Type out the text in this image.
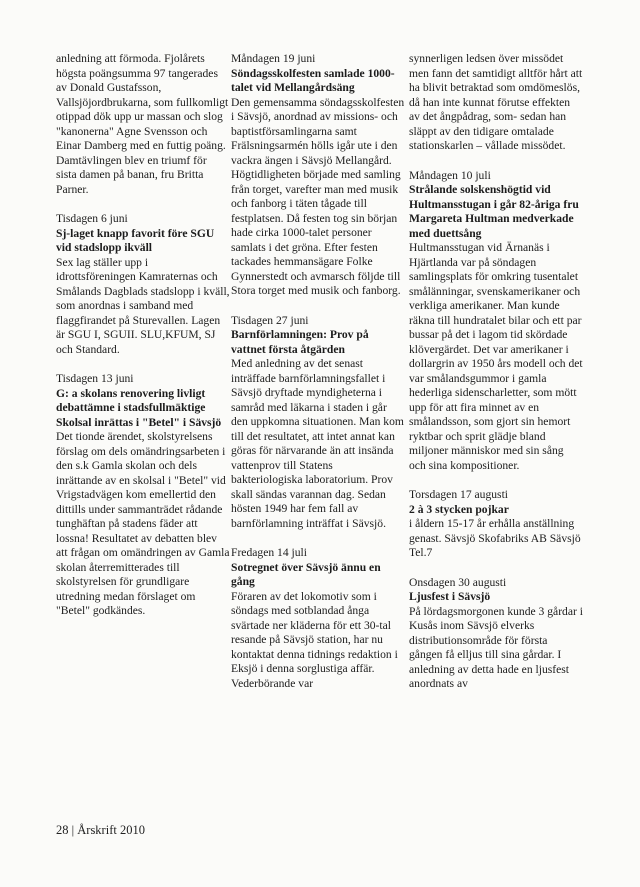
anledning att förmoda. Fjolårets högsta poängsumma 97 tangerades av Donald Gustafsson, Vallsjöjordbrukarna, som fullkomligt otippad dök upp ur massan och slog "kanonerna" Agne Svensson och Einar Damberg med en futtig poäng. Damtävlingen blev en triumf för sista damen på banan, fru Britta Parner.

Tisdagen 6 juni

Sj-laget knapp favorit före SGU vid stadslopp ikväll

Sex lag ställer upp i idrottsföreningen Kamraternas och Smålands Dagblads stadslopp i kväll, som anordnas i samband med flaggfirandet på Sturevallen. Lagen är SGU I, SGUII. SLU,KFUM, SJ och Standard.

Tisdagen 13 juni

G: a skolans renovering livligt debattämne i stadsfullmäktige Skolsal inrättas i "Betel" i Sävsjö

Det tionde ärendet, skolstyrelsens förslag om dels omändringsarbeten i den s.k Gamla skolan och dels inrättande av en skolsal i "Betel" vid Vrigstadvägen kom emellertid den dittills under sammanträdet rådande tunghäftan på stadens fäder att lossna! Resultatet av debatten blev att frågan om omändringen av Gamla skolan återremitterades till skolstyrelsen för grundligare utredning medan förslaget om "Betel" godkändes.

Måndagen 19 juni

Söndagsskolfesten samlade 1000-talet vid Mellangårdsäng

Den gemensamma söndagsskolfesten i Sävsjö, anordnad av missions- och baptistförsamlingarna samt Frälsningsarmén hölls igår ute i den vackra ängen i Sävsjö Mellangård. Högtidligheten började med samling från torget, varefter man med musik och fanborg i täten tågade till festplatsen. Då festen tog sin början hade cirka 1000-talet personer samlats i det gröna. Efter festen tackades hemmansägare Folke Gynnerstedt och avmarsch följde till Stora torget med musik och fanborg.

Tisdagen 27 juni

Barnförlamningen: Prov på vattnet första åtgärden

Med anledning av det senast inträffade barnförlamningsfallet i Sävsjö dryftade myndigheterna i samråd med läkarna i staden i går den uppkomna situationen. Man kom till det resultatet, att intet annat kan göras för närvarande än att insända vattenprov till Statens bakteriologiska laboratorium. Prov skall sändas varannan dag. Sedan hösten 1949 har fem fall av barnförlamning inträffat i Sävsjö.

Fredagen 14 juli

Sotregnet över Sävsjö ännu en gång

Föraren av det lokomotiv som i söndags med sotblandad ånga svärtade ner kläderna för ett 30-tal resande på Sävsjö station, har nu kontaktat denna tidnings redaktion i Eksjö i denna sorglustiga affär. Vederbörande var

synnerligen ledsen över missödet men fann det samtidigt alltför hårt att ha blivit betraktad som omdömeslös, då han inte kunnat förutse effekten av det ångpådrag, som- sedan han släppt av den tidigare omtalade stationskarlen – vållade missödet.

Måndagen 10 juli

Strålande solskenshögtid vid Hultmansstugan i går 82-åriga fru Margareta Hultman medverkade med duettsång

Hultmansstugan vid Ärnanäs i Hjärtlanda var på söndagen samlingsplats för omkring tusentalet smålänningar, svenskamerikaner och verkliga amerikaner. Man kunde räkna till hundratalet bilar och ett par bussar på det i lagom tid skördade klövergärdet. Det var amerikaner i dollargrin av 1950 års modell och det var smålandsgummor i gamla hederliga sidenscharletter, som mött upp för att fira minnet av en smålandsson, som gjort sin hemort ryktbar och sprit glädje bland miljoner människor med sin sång och sina kompositioner.

Torsdagen 17 augusti

2 à 3 stycken pojkar

i åldern 15-17 år erhålla anställning genast. Sävsjö Skofabriks AB Sävsjö Tel.7

Onsdagen 30 augusti

Ljusfest i Sävsjö

På lördagsmorgonen kunde 3 gårdar i Kusås inom Sävsjö elverks distributionsområde för första gången få elljus till sina gårdar. I anledning av detta hade en ljusfest anordnats av

28 | Årskrift 2010
